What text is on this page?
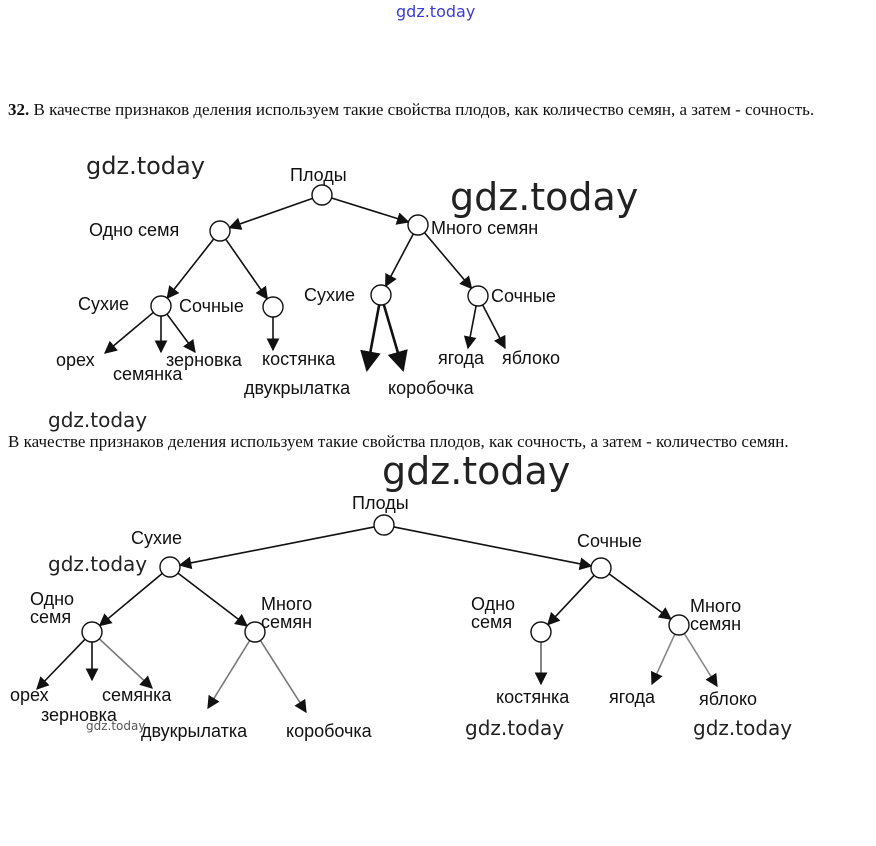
gdz.today
gdz.today
gdz.today
gdz.today
gdz.today
gdz.today
gdz.today	gdz.today	gdz.today
32. В качестве признаков деления используем такие свойства плодов, как количество семян, а затем - сочность.
В качестве признаков деления используем такие свойства плодов, как сочность, а затем - количество семян.
Плоды
Одно семя	Много семян
Сухие	Сочные
Сухие	Сочные
орех
семянка
зерновка костянка
двукрылатка коробочка
ягода яблоко
Плоды
Сухие	Сочные
Одно
семя
Много
семян
Одно
семя
Много
семян
орех	семянка
зерновка
двукрылатка коробочка
костянка ягода яблоко
